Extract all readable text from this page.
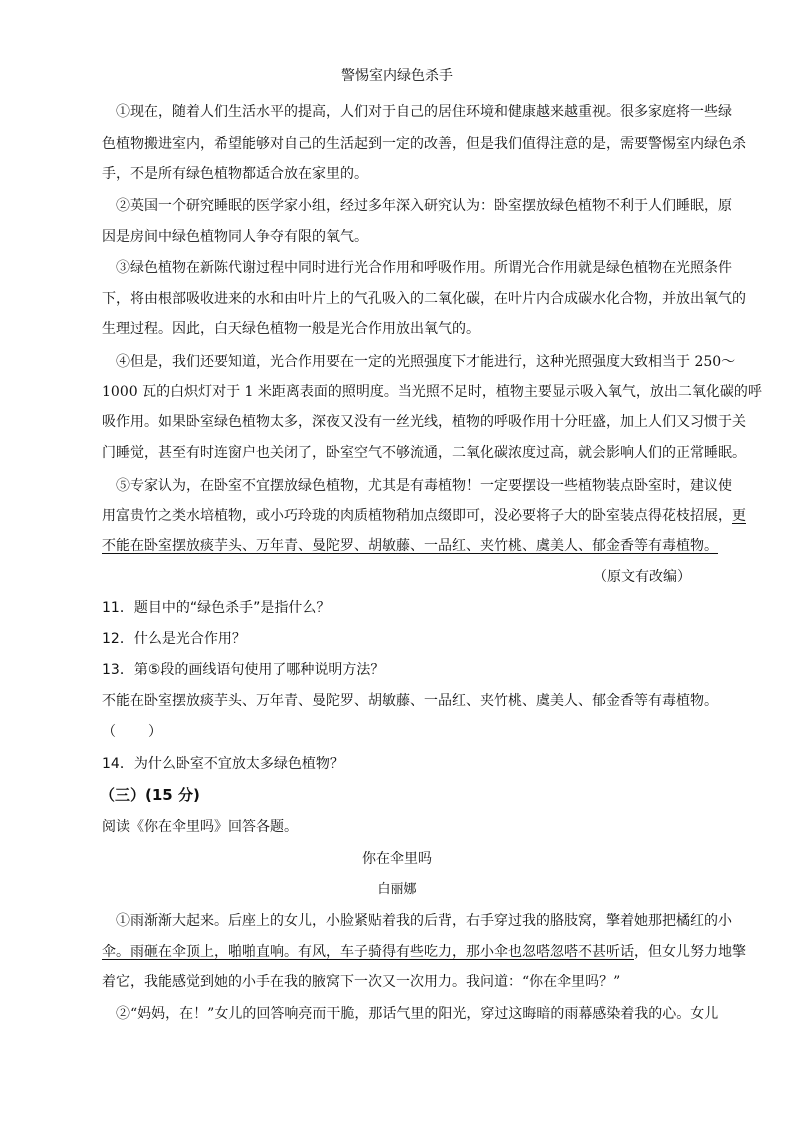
警惕室内绿色杀手
①现在，随着人们生活水平的提高，人们对于自己的居住环境和健康越来越重视。很多家庭将一些绿
色植物搬进室内，希望能够对自己的生活起到一定的改善，但是我们值得注意的是，需要警惕室内绿色杀
手，不是所有绿色植物都适合放在家里的。
②英国一个研究睡眠的医学家小组，经过多年深入研究认为：卧室摆放绿色植物不利于人们睡眠，原
因是房间中绿色植物同人争夺有限的氧气。
③绿色植物在新陈代谢过程中同时进行光合作用和呼吸作用。所谓光合作用就是绿色植物在光照条件
下，将由根部吸收进来的水和由叶片上的气孔吸入的二氧化碳，在叶片内合成碳水化合物，并放出氧气的
生理过程。因此，白天绿色植物一般是光合作用放出氧气的。
④但是，我们还要知道，光合作用要在一定的光照强度下才能进行，这种光照强度大致相当于 250～
1000 瓦的白炽灯对于 1 米距离表面的照明度。当光照不足时，植物主要显示吸入氧气，放出二氧化碳的呼
吸作用。如果卧室绿色植物太多，深夜又没有一丝光线，植物的呼吸作用十分旺盛，加上人们又习惯于关
门睡觉，甚至有时连窗户也关闭了，卧室空气不够流通，二氧化碳浓度过高，就会影响人们的正常睡眠。
⑤专家认为，在卧室不宜摆放绿色植物，尤其是有毒植物！一定要摆设一些植物装点卧室时，建议使
用富贵竹之类水培植物，或小巧玲珑的肉质植物稍加点缀即可，没必要将子大的卧室装点得花枝招展，更
不能在卧室摆放痰芋头、万年青、曼陀罗、胡敏藤、一品红、夹竹桃、虞美人、郁金香等有毒植物。
（原文有改编）
11．题目中的“绿色杀手”是指什么？
12．什么是光合作用？
13．第⑤段的画线语句使用了哪种说明方法？
不能在卧室摆放痰芋头、万年青、曼陀罗、胡敏藤、一品红、夹竹桃、虞美人、郁金香等有毒植物。
（ ）
14．为什么卧室不宜放太多绿色植物？
（三）(15 分)
阅读《你在伞里吗》回答各题。
你在伞里吗
白丽娜
①雨渐渐大起来。后座上的女儿，小脸紧贴着我的后背，右手穿过我的胳肢窝，擎着她那把橘红的小
伞。雨砸在伞顶上，啪啪直响。有风，车子骑得有些吃力，那小伞也忽嗒忽嗒不甚听话，但女儿努力地擎
着它，我能感觉到她的小手在我的腋窝下一次又一次用力。我问道：“你在伞里吗？”
②“妈妈，在！”女儿的回答响亮而干脆，那话气里的阳光，穿过这晦暗的雨幕感染着我的心。女儿
